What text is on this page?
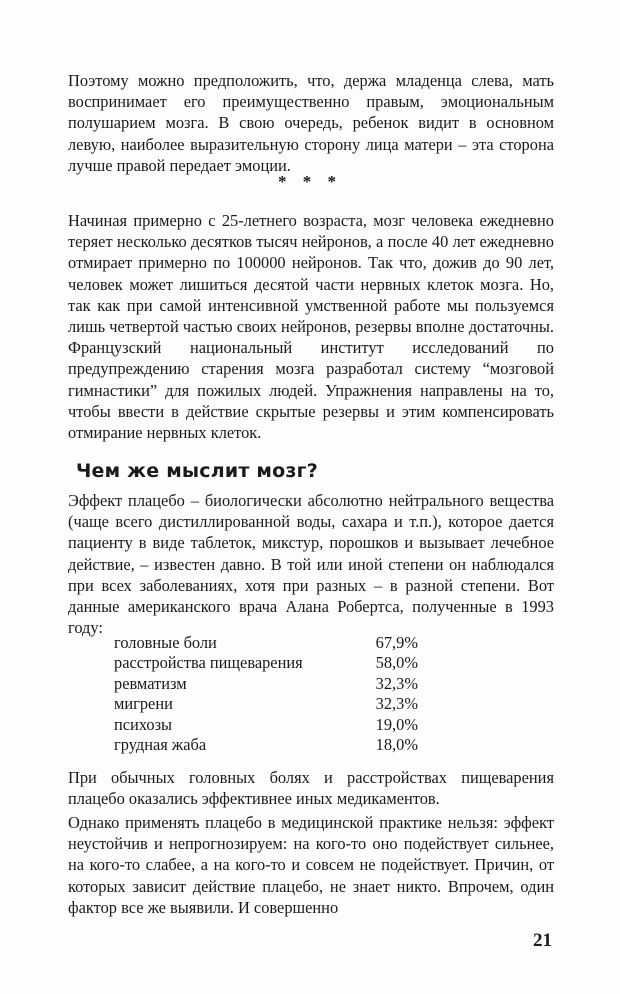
Поэтому можно предположить, что, держа младенца слева, мать воспринимает его преимущественно правым, эмоциональным полушарием мозга. В свою очередь, ребенок видит в основном левую, наиболее выразительную сторону лица матери – эта сторона лучше правой передает эмоции.

* * *

Начиная примерно с 25-летнего возраста, мозг человека ежедневно теряет несколько десятков тысяч нейронов, а после 40 лет ежедневно отмирает примерно по 100000 нейронов. Так что, дожив до 90 лет, человек может лишиться десятой части нервных клеток мозга. Но, так как при самой интенсивной умственной работе мы пользуемся лишь четвертой частью своих нейронов, резервы вполне достаточны. Французский национальный институт исследований по предупреждению старения мозга разработал систему “мозговой гимнастики” для пожилых людей. Упражнения направлены на то, чтобы ввести в действие скрытые резервы и этим компенсировать отмирание нервных клеток.

Чем же мыслит мозг?

Эффект плацебо – биологически абсолютно нейтрального вещества (чаще всего дистиллированной воды, сахара и т.п.), которое дается пациенту в виде таблеток, микстур, порошков и вызывает лечебное действие, – известен давно. В той или иной степени он наблюдался при всех заболеваниях, хотя при разных – в разной степени. Вот данные американского врача Алана Робертса, полученные в 1993 году:

головные боли	67,9%
расстройства пищеварения	58,0%
ревматизм	32,3%
мигрени	32,3%
психозы	19,0%
грудная жаба	18,0%

При обычных головных болях и расстройствах пищеварения плацебо оказались эффективнее иных медикаментов.

Однако применять плацебо в медицинской практике нельзя: эффект неустойчив и непрогнозируем: на кого-то оно подействует сильнее, на кого-то слабее, а на кого-то и совсем не подействует. Причин, от которых зависит действие плацебо, не знает никто. Впрочем, один фактор все же выявили. И совершенно

21
